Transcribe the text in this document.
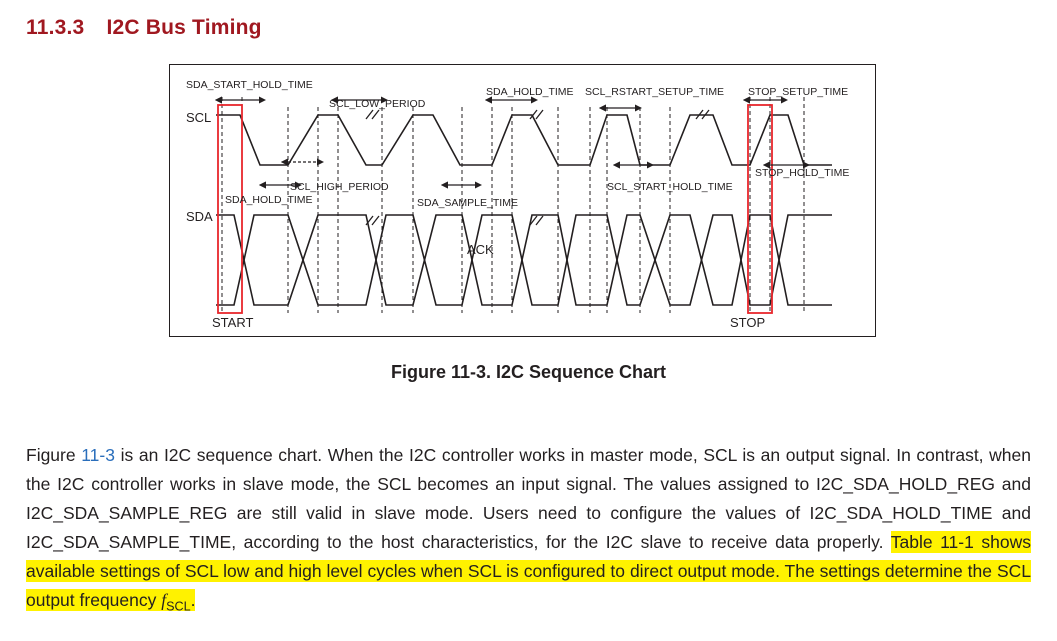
11.3.3 I2C Bus Timing
SCL
SDA
SDA_START_HOLD_TIME
SCL_LOW_PERIOD
SDA_HOLD_TIME SCL_RSTART_SETUP_TIME STOP_SETUP_TIME
SCL_HIGH_PERIOD
SDA_HOLD_TIME	SDA_SAMPLE_TIME
SCL_START_HOLD_TIME
STOP_HOLD_TIME
ACK
START	STOP
Figure 11-3. I2C Sequence Chart
Figure 11-3 is an I2C sequence chart. When the I2C controller works in master mode, SCL is an output signal. In contrast, when the I2C controller works in slave mode, the SCL becomes an input signal. The values assigned to I2C_SDA_HOLD_REG and I2C_SDA_SAMPLE_REG are still valid in slave mode. Users need to configure the values of I2C_SDA_HOLD_TIME and I2C_SDA_SAMPLE_TIME, according to the host characteristics, for the I2C slave to receive data properly. Table 11-1 shows available settings of SCL low and high level cycles when SCL is configured to direct output mode. The settings determine the SCL output frequency $f_{SCL}$.
